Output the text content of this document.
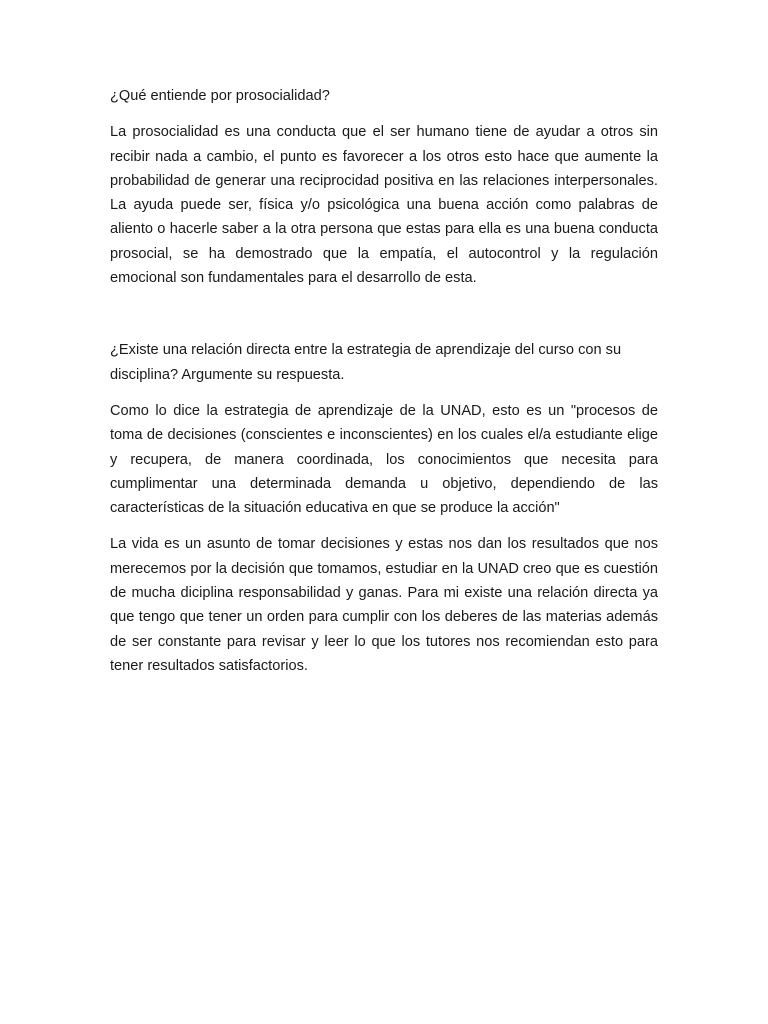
¿Qué entiende por prosocialidad?

La prosocialidad es una conducta que el ser humano tiene de ayudar a otros sin recibir nada a cambio, el punto es favorecer a los otros esto hace que aumente la probabilidad de generar una reciprocidad positiva en las relaciones interpersonales. La ayuda puede ser, física y/o psicológica una buena acción como palabras de aliento o hacerle saber a la otra persona que estas para ella es una buena conducta prosocial, se ha demostrado que la empatía, el autocontrol y la regulación emocional son fundamentales para el desarrollo de esta.

¿Existe una relación directa entre la estrategia de aprendizaje del curso con su disciplina? Argumente su respuesta.

Como lo dice la estrategia de aprendizaje de la UNAD, esto es un "procesos de toma de decisiones (conscientes e inconscientes) en los cuales el/a estudiante elige y recupera, de manera coordinada, los conocimientos que necesita para cumplimentar una determinada demanda u objetivo, dependiendo de las características de la situación educativa en que se produce la acción"

La vida es un asunto de tomar decisiones y estas nos dan los resultados que nos merecemos por la decisión que tomamos, estudiar en la UNAD creo que es cuestión de mucha diciplina responsabilidad y ganas. Para mi existe una relación directa ya que tengo que tener un orden para cumplir con los deberes de las materias además de ser constante para revisar y leer lo que los tutores nos recomiendan esto para tener resultados satisfactorios.
